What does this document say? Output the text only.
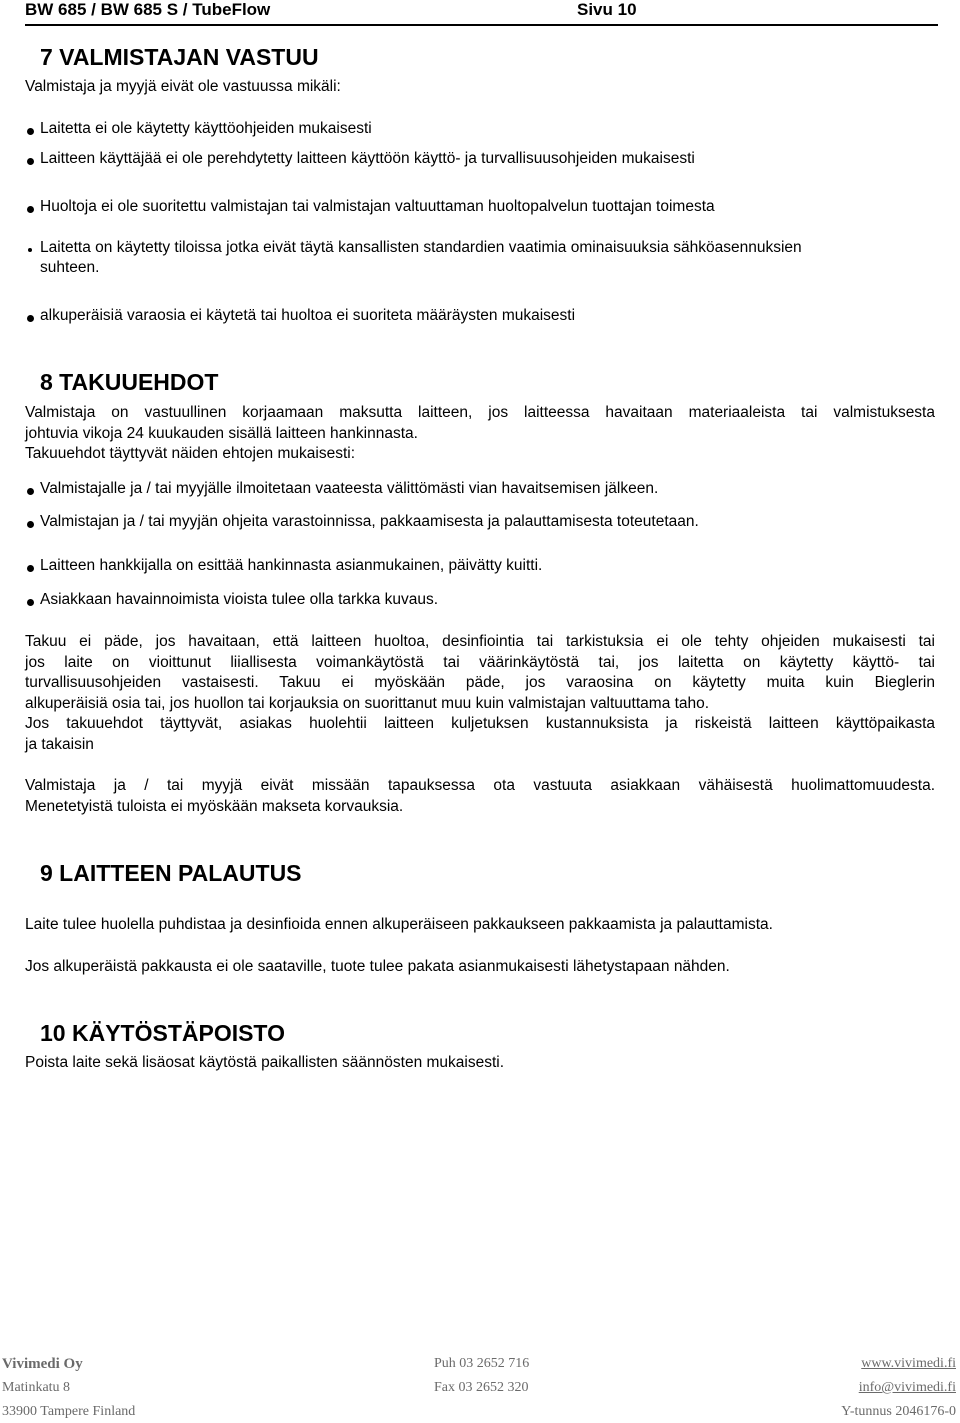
BW 685 / BW 685 S / TubeFlow	Sivu 10
7 VALMISTAJAN VASTUU
Valmistaja ja myyjä eivät ole vastuussa mikäli:
Laitetta ei ole käytetty käyttöohjeiden mukaisesti
Laitteen käyttäjää ei ole perehdytetty laitteen käyttöön käyttö- ja turvallisuusohjeiden mukaisesti
Huoltoja ei ole suoritettu valmistajan tai valmistajan valtuuttaman huoltopalvelun tuottajan toimesta
Laitetta on käytetty tiloissa jotka eivät täytä kansallisten standardien vaatimia ominaisuuksia sähköasennuksien
suhteen.
alkuperäisiä varaosia ei käytetä tai huoltoa ei suoriteta määräysten mukaisesti
8 TAKUUEHDOT
Valmistaja on vastuullinen korjaamaan maksutta laitteen, jos laitteessa havaitaan materiaaleista tai valmistuksesta
johtuvia vikoja 24 kuukauden sisällä laitteen hankinnasta.
Takuuehdot täyttyvät näiden ehtojen mukaisesti:
Valmistajalle ja / tai myyjälle ilmoitetaan vaateesta välittömästi vian havaitsemisen jälkeen.
Valmistajan ja / tai myyjän ohjeita varastoinnissa, pakkaamisesta ja palauttamisesta toteutetaan.
Laitteen hankkijalla on esittää hankinnasta asianmukainen, päivätty kuitti.
Asiakkaan havainnoimista vioista tulee olla tarkka kuvaus.
Takuu ei päde, jos havaitaan, että laitteen huoltoa, desinfiointia tai tarkistuksia ei ole tehty ohjeiden mukaisesti tai
jos laite on vioittunut liiallisesta voimankäytöstä tai väärinkäytöstä tai, jos laitetta on käytetty käyttö- tai
turvallisuusohjeiden vastaisesti. Takuu ei myöskään päde, jos varaosina on käytetty muita kuin Bieglerin
alkuperäisiä osia tai, jos huollon tai korjauksia on suorittanut muu kuin valmistajan valtuuttama taho.
Jos takuuehdot täyttyvät, asiakas huolehtii laitteen kuljetuksen kustannuksista ja riskeistä laitteen käyttöpaikasta
ja takaisin
Valmistaja ja / tai myyjä eivät missään tapauksessa ota vastuuta asiakkaan vähäisestä huolimattomuudesta.
Menetetyistä tuloista ei myöskään makseta korvauksia.
9 LAITTEEN PALAUTUS
Laite tulee huolella puhdistaa ja desinfioida ennen alkuperäiseen pakkaukseen pakkaamista ja palauttamista.
Jos alkuperäistä pakkausta ei ole saataville, tuote tulee pakata asianmukaisesti lähetystapaan nähden.
10 KÄYTÖSTÄPOISTO
Poista laite sekä lisäosat käytöstä paikallisten säännösten mukaisesti.
Vivimedi Oy
Matinkatu 8
33900 Tampere Finland
Puh 03 2652 716
Fax 03 2652 320
www.vivimedi.fi
info@vivimedi.fi
Y-tunnus 2046176-0
